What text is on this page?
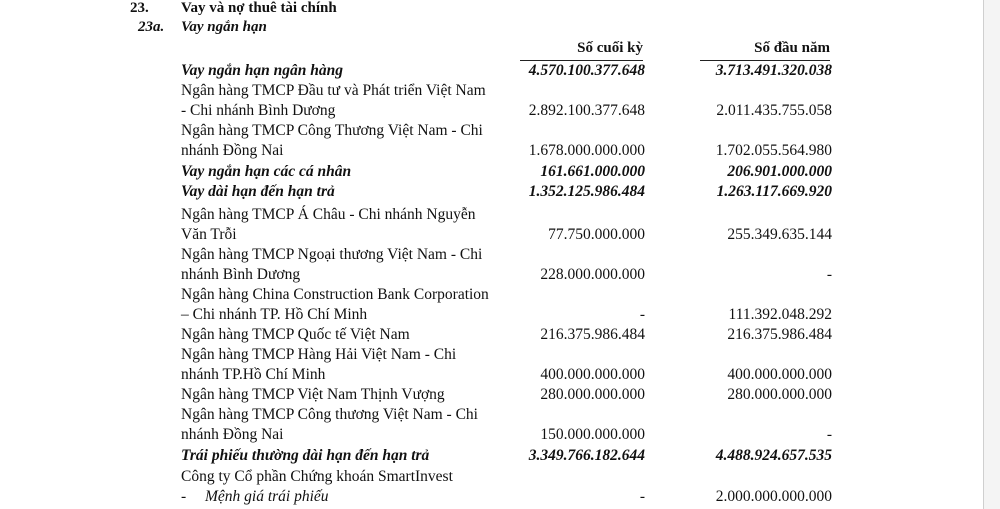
23. Vay và nợ thuê tài chính
23a. Vay ngắn hạn
Số cuối kỳ	Số đầu năm
Vay ngắn hạn ngân hàng	4.570.100.377.648	3.713.491.320.038
Ngân hàng TMCP Đầu tư và Phát triển Việt Nam
- Chi nhánh Bình Dương	2.892.100.377.648	2.011.435.755.058
Ngân hàng TMCP Công Thương Việt Nam - Chi
nhánh Đồng Nai	1.678.000.000.000	1.702.055.564.980
Vay ngắn hạn các cá nhân	161.661.000.000	206.901.000.000
Vay dài hạn đến hạn trả	1.352.125.986.484	1.263.117.669.920
Ngân hàng TMCP Á Châu - Chi nhánh Nguyễn
Văn Trỗi	77.750.000.000	255.349.635.144
Ngân hàng TMCP Ngoại thương Việt Nam - Chi
nhánh Bình Dương	228.000.000.000	-
Ngân hàng China Construction Bank Corporation
– Chi nhánh TP. Hồ Chí Minh	-	111.392.048.292
Ngân hàng TMCP Quốc tế Việt Nam	216.375.986.484	216.375.986.484
Ngân hàng TMCP Hàng Hải Việt Nam - Chi
nhánh TP.Hồ Chí Minh	400.000.000.000	400.000.000.000
Ngân hàng TMCP Việt Nam Thịnh Vượng	280.000.000.000	280.000.000.000
Ngân hàng TMCP Công thương Việt Nam - Chi
nhánh Đồng Nai	150.000.000.000	-
Trái phiếu thường dài hạn đến hạn trả	3.349.766.182.644	4.488.924.657.535
Công ty Cổ phần Chứng khoán SmartInvest
- Mệnh giá trái phiếu	-	2.000.000.000.000
